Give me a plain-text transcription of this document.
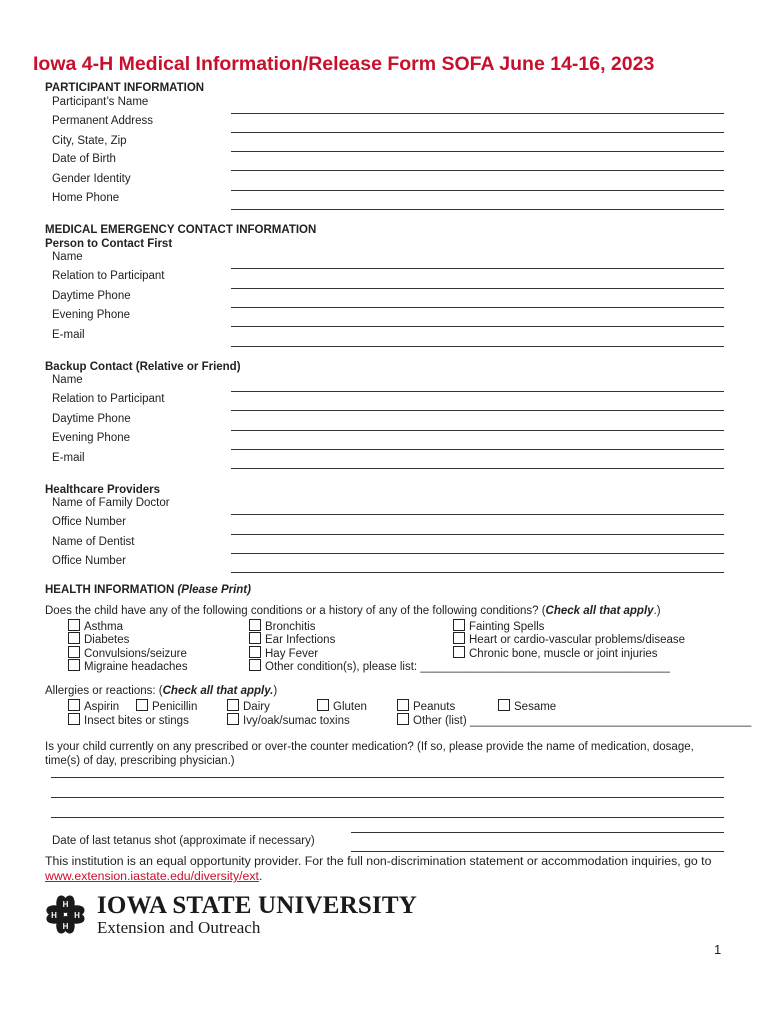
Iowa 4-H Medical Information/Release Form SOFA June 14-16, 2023
PARTICIPANT INFORMATION
Participant’s Name
Permanent Address
City, State, Zip
Date of Birth
Gender Identity
Home Phone
MEDICAL EMERGENCY CONTACT INFORMATION
Person to Contact First
Name
Relation to Participant
Daytime Phone
Evening Phone
E-mail
Backup Contact (Relative or Friend)
Name
Relation to Participant
Daytime Phone
Evening Phone
E-mail
Healthcare Providers
Name of Family Doctor
Office Number
Name of Dentist
Office Number
HEALTH INFORMATION (Please Print)
Does the child have any of the following conditions or a history of any of the following conditions? (Check all that apply.)
Asthma
Diabetes
Convulsions/seizure
Migraine headaches
Bronchitis
Ear Infections
Hay Fever
Other condition(s), please list: _______________________________________
Fainting Spells
Heart or cardio-vascular problems/disease
Chronic bone, muscle or joint injuries
Allergies or reactions: (Check all that apply.)
Aspirin	Penicillin	Dairy	Gluten	Peanuts	Sesame
Insect bites or stings	Ivy/oak/sumac toxins	Other (list) ____________________________________________
Is your child currently on any prescribed or over-the counter medication? (If so, please provide the name of medication, dosage, time(s) of day, prescribing physician.)
Date of last tetanus shot (approximate if necessary)
This institution is an equal opportunity provider. For the full non-discrimination statement or accommodation inquiries, go to www.extension.iastate.edu/diversity/ext.
H
H
H H IOWA STATE UNIVERSITY
Extension and Outreach
1
